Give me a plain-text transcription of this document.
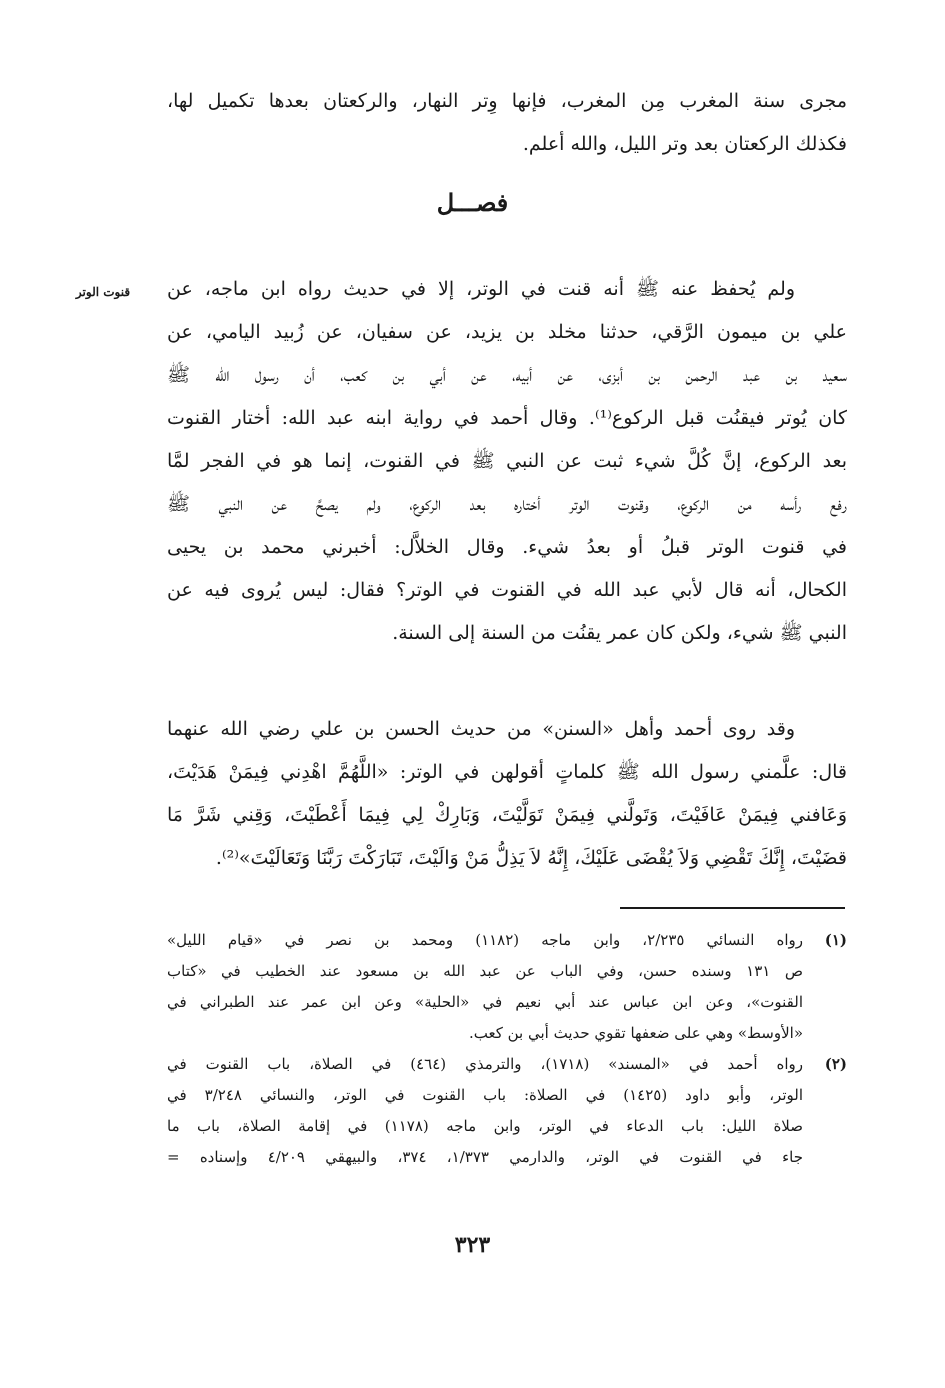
مجرى سنة المغرب مِن المغرب، فإنها وِتر النهار، والركعتان بعدها تكميل لها،
فكذلك الركعتان بعد وتر الليل، والله أعلم.
فصـــل
قنوت الوتر	ولم يُحفظ عنه ﷺ أنه قنت في الوتر، إلا في حديث رواه ابن ماجه، عن
علي بن ميمون الرَّقي، حدثنا مخلد بن يزيد، عن سفيان، عن زُبيد اليامي، عن
سعيد بن عبد الرحمن بن أبزى، عن أبيه، عن أبي بن كعب، أن رسول الله ﷺ
كان يُوتر فيقنُت قبل الركوع⁽¹⁾. وقال أحمد في رواية ابنه عبد الله: أختار القنوت
بعد الركوع، إنَّ كُلَّ شيء ثبت عن النبي ﷺ في القنوت، إنما هو في الفجر لمَّا
رفع رأسه من الركوع، وقنوت الوتر أختاره بعد الركوع، ولم يصحَّ عن النبي ﷺ
في قنوت الوتر قبلُ أو بعدُ شيء. وقال الخلاَّل: أخبرني محمد بن يحيى
الكحال، أنه قال لأبي عبد الله في القنوت في الوتر؟ فقال: ليس يُروى فيه عن
النبي ﷺ شيء، ولكن كان عمر يقنُت من السنة إلى السنة.
وقد روى أحمد وأهل «السنن» من حديث الحسن بن علي رضي الله عنهما
قال: علَّمني رسول الله ﷺ كلماتٍ أقولهن في الوتر: «اللَّهُمَّ اهْدِني فِيمَنْ هَدَيْتَ،
وَعَافني فِيمَنْ عَافَيْتَ، وَتَولَّني فِيمَنْ تَوَلَّيْتَ، وَبَارِكْ لِي فِيمَا أَعْطَيْتَ، وَقِني شَرَّ مَا
قضَيْتَ، إِنَّكَ تَقْضِي وَلاَ يُقْضَى عَلَيْكَ، إِنَّهُ لاَ يَذِلُّ مَنْ وَالَيْتَ، تَبَارَكْتَ رَبَّنَا وَتَعَالَيْتَ»⁽²⁾.
(١)
رواه النسائي ٢/٢٣٥، وابن ماجه (١١٨٢) ومحمد بن نصر في «قيام الليل»
ص ١٣١ وسنده حسن، وفي الباب عن عبد الله بن مسعود عند الخطيب في «كتاب
القنوت»، وعن ابن عباس عند أبي نعيم في «الحلية» وعن ابن عمر عند الطبراني في
«الأوسط» وهي على ضعفها تقوي حديث أبي بن كعب.
(٢)
رواه أحمد في «المسند» (١٧١٨)، والترمذي (٤٦٤) في الصلاة، باب القنوت في
الوتر، وأبو داود (١٤٢٥) في الصلاة: باب القنوت في الوتر، والنسائي ٣/٢٤٨ في
صلاة الليل: باب الدعاء في الوتر، وابن ماجه (١١٧٨) في إقامة الصلاة، باب ما
جاء في القنوت في الوتر، والدارمي ١/٣٧٣، ٣٧٤، والبيهقي ٤/٢٠٩ وإسناده =
٣٢٣
